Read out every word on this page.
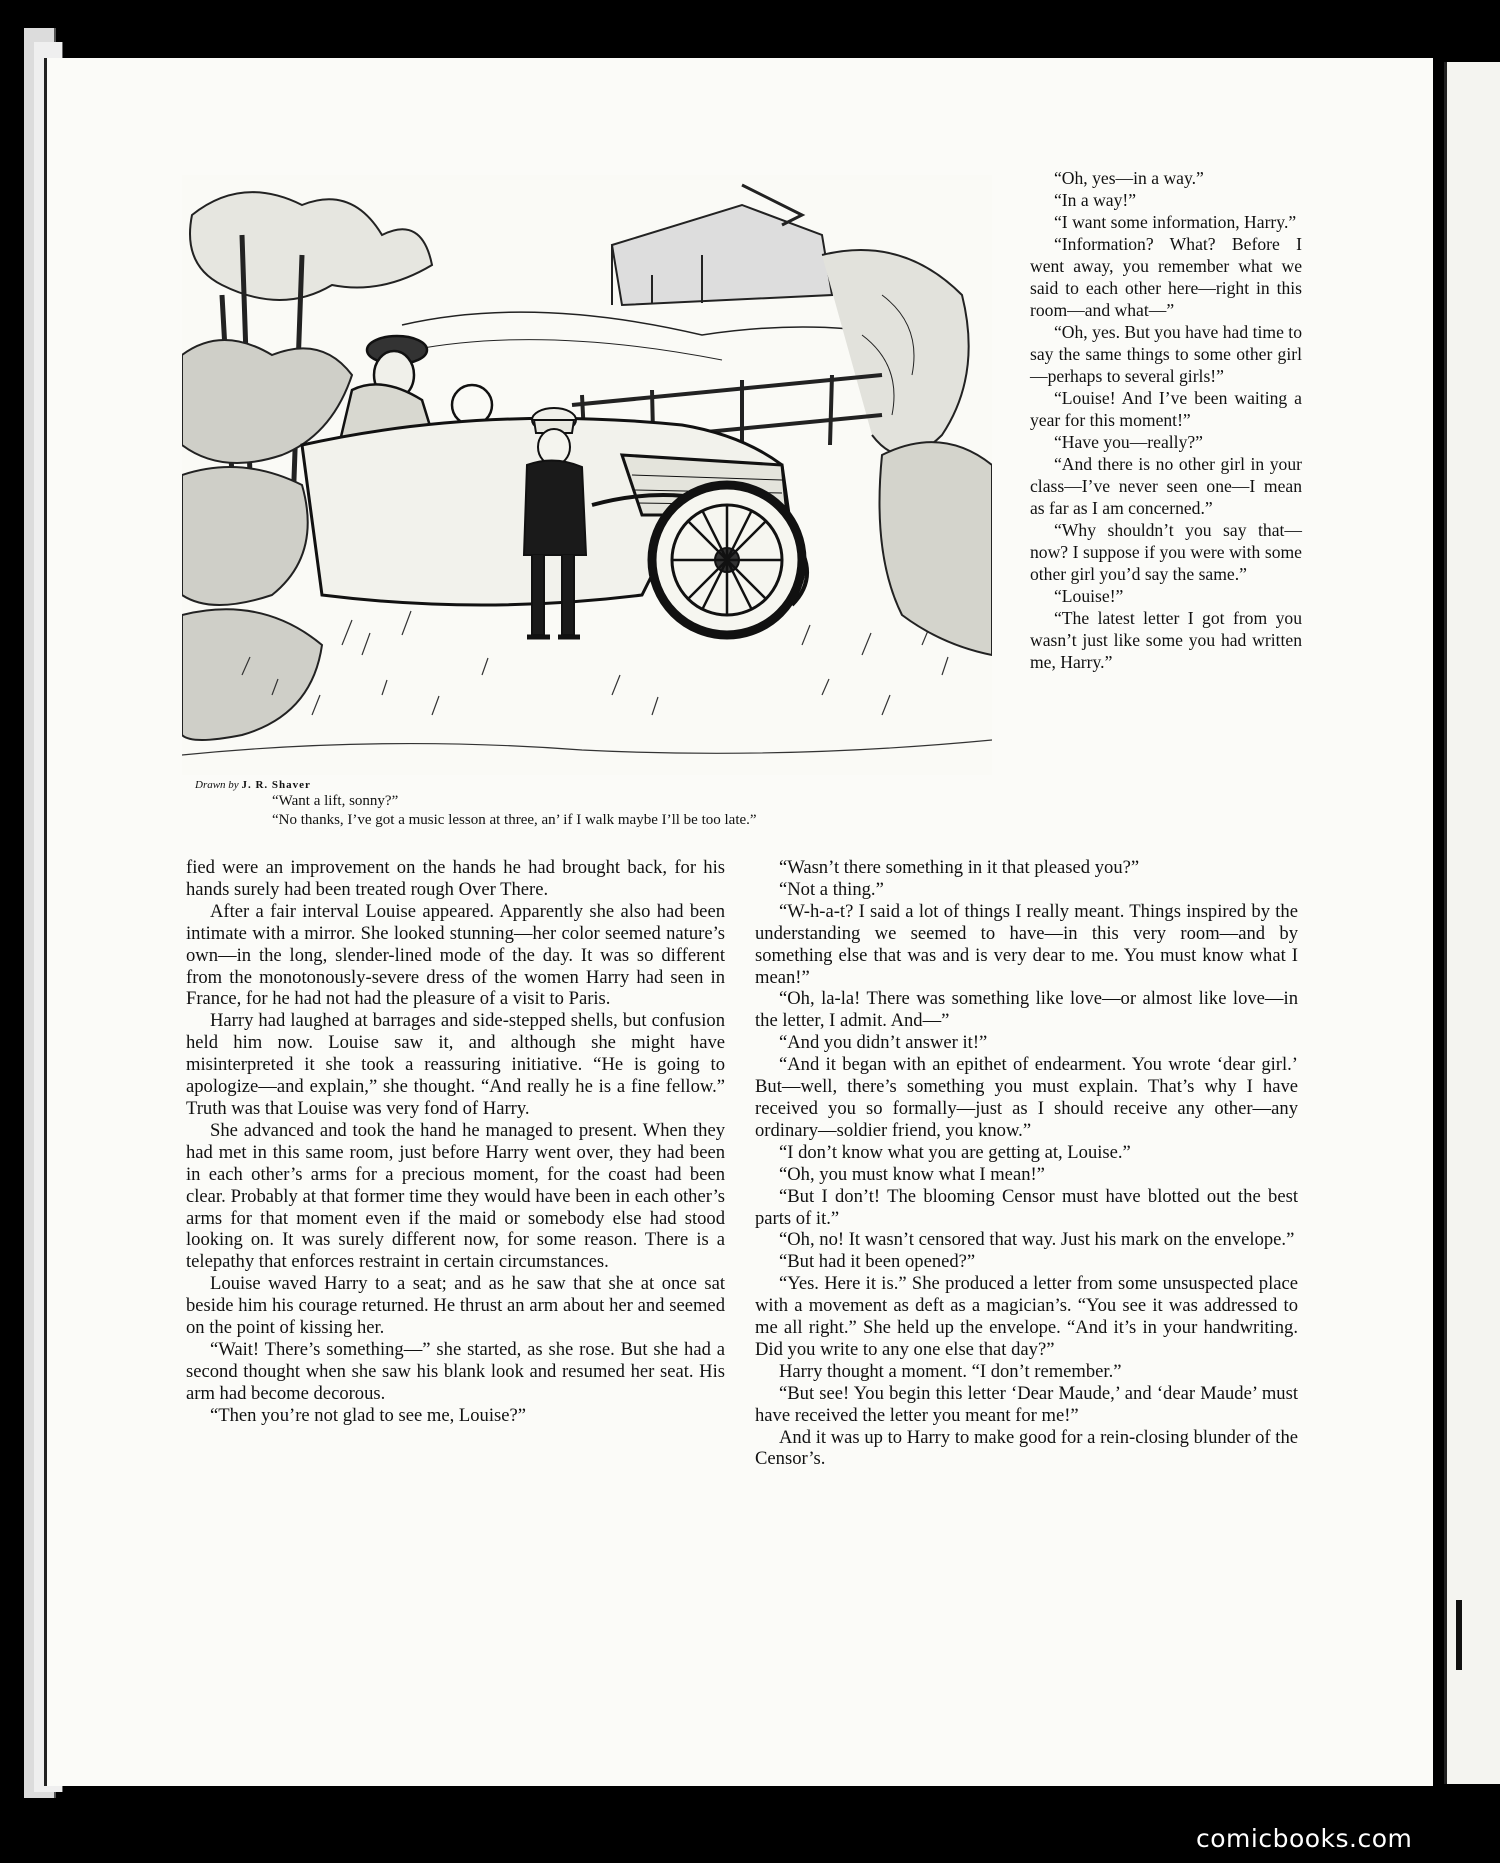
Drawn by J. R. Shaver

“Want a lift, sonny?”

“No thanks, I’ve got a music lesson at three, an’ if I walk maybe I’ll be too late.”

“Oh, yes—in a way.”

“In a way!”

“I want some information, Harry.”

“Information? What? Before I went away, you remember what we said to each other here—right in this room—and what—”

“Oh, yes. But you have had time to say the same things to some other girl—perhaps to several girls!”

“Louise! And I’ve been waiting a year for this moment!”

“Have you—really?”

“And there is no other girl in your class—I’ve never seen one—I mean as far as I am concerned.”

“Why shouldn’t you say that—now? I suppose if you were with some other girl you’d say the same.”

“Louise!”

“The latest letter I got from you wasn’t just like some you had written me, Harry.”

fied were an improvement on the hands he had brought back, for his hands surely had been treated rough Over There.

After a fair interval Louise appeared. Apparently she also had been intimate with a mirror. She looked stunning—her color seemed nature’s own—in the long, slender-lined mode of the day. It was so different from the monotonously-severe dress of the women Harry had seen in France, for he had not had the pleasure of a visit to Paris.

Harry had laughed at barrages and side-stepped shells, but confusion held him now. Louise saw it, and although she might have misinterpreted it she took a reassuring initiative. “He is going to apologize—and explain,” she thought. “And really he is a fine fellow.” Truth was that Louise was very fond of Harry.

She advanced and took the hand he managed to present. When they had met in this same room, just before Harry went over, they had been in each other’s arms for a precious moment, for the coast had been clear. Probably at that former time they would have been in each other’s arms for that moment even if the maid or somebody else had stood looking on. It was surely different now, for some reason. There is a telepathy that enforces restraint in certain circumstances.

Louise waved Harry to a seat; and as he saw that she at once sat beside him his courage returned. He thrust an arm about her and seemed on the point of kissing her.

“Wait! There’s something—” she started, as she rose. But she had a second thought when she saw his blank look and resumed her seat. His arm had become decorous.

“Then you’re not glad to see me, Louise?”

“Wasn’t there something in it that pleased you?”

“Not a thing.”

“W-h-a-t? I said a lot of things I really meant. Things inspired by the understanding we seemed to have—in this very room—and by something else that was and is very dear to me. You must know what I mean!”

“Oh, la-la! There was something like love—or almost like love—in the letter, I admit. And—”

“And you didn’t answer it!”

“And it began with an epithet of endearment. You wrote ‘dear girl.’ But—well, there’s something you must explain. That’s why I have received you so formally—just as I should receive any other—any ordinary—soldier friend, you know.”

“I don’t know what you are getting at, Louise.”

“Oh, you must know what I mean!”

“But I don’t! The blooming Censor must have blotted out the best parts of it.”

“Oh, no! It wasn’t censored that way. Just his mark on the envelope.”

“But had it been opened?”

“Yes. Here it is.” She produced a letter from some unsuspected place with a movement as deft as a magician’s. “You see it was addressed to me all right.” She held up the envelope. “And it’s in your handwriting. Did you write to any one else that day?”

Harry thought a moment. “I don’t remember.”

“But see! You begin this letter ‘Dear Maude,’ and ‘dear Maude’ must have received the letter you meant for me!”

And it was up to Harry to make good for a rein-closing blunder of the Censor’s.

comicbooks.com
